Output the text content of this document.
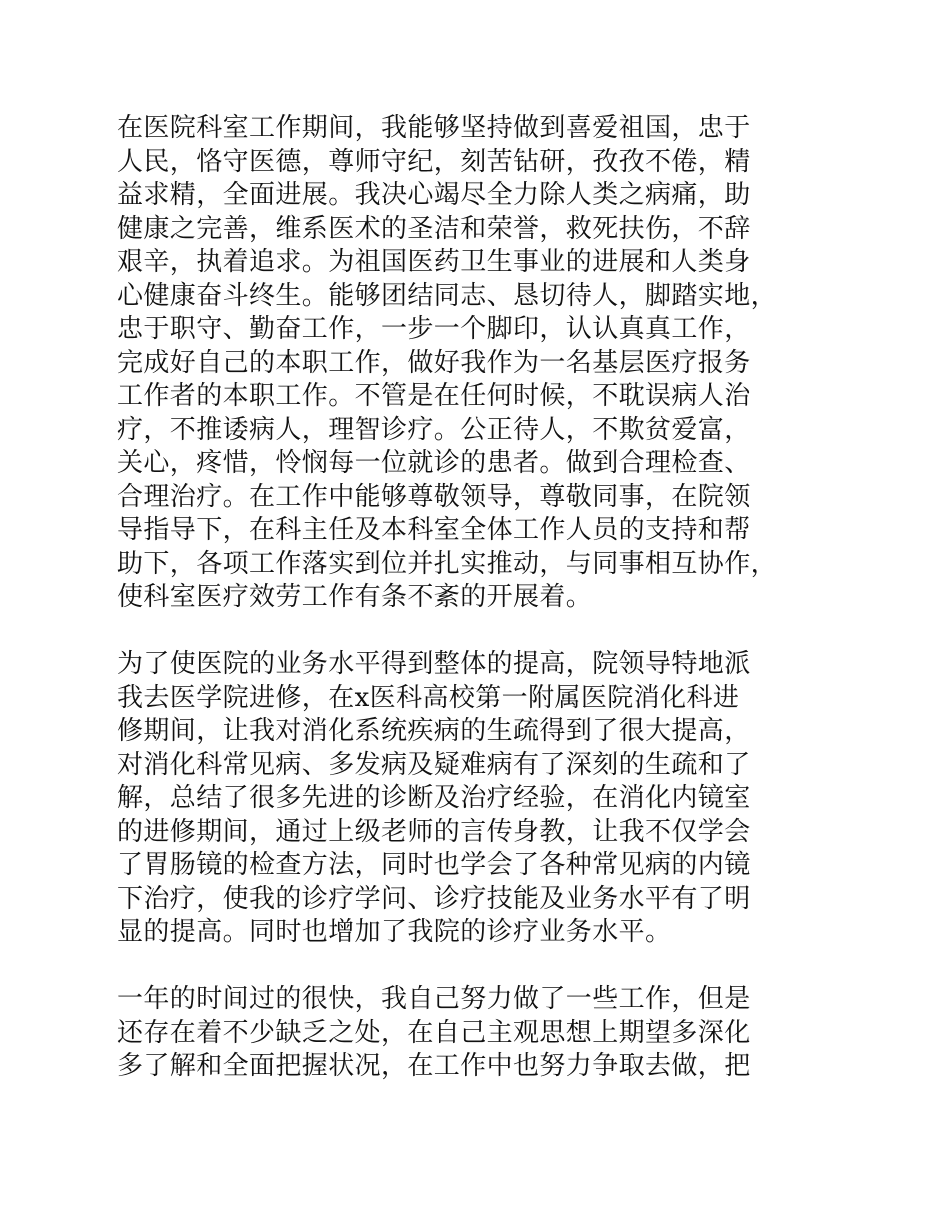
在医院科室工作期间，我能够坚持做到喜爱祖国，忠于
人民，恪守医德，尊师守纪，刻苦钻研，孜孜不倦，精
益求精，全面进展。我决心竭尽全力除人类之病痛，助
健康之完善，维系医术的圣洁和荣誉，救死扶伤，不辞
艰辛，执着追求。为祖国医药卫生事业的进展和人类身
心健康奋斗终生。能够团结同志、恳切待人，脚踏实地，
忠于职守、勤奋工作，一步一个脚印，认认真真工作，
完成好自己的本职工作，做好我作为一名基层医疗报务
工作者的本职工作。不管是在任何时候，不耽误病人治
疗，不推诿病人，理智诊疗。公正待人，不欺贫爱富，
关心，疼惜，怜悯每一位就诊的患者。做到合理检查、
合理治疗。在工作中能够尊敬领导，尊敬同事，在院领
导指导下，在科主任及本科室全体工作人员的支持和帮
助下，各项工作落实到位并扎实推动，与同事相互协作，
使科室医疗效劳工作有条不紊的开展着。
为了使医院的业务水平得到整体的提高，院领导特地派
我去医学院进修，在x医科高校第一附属医院消化科进
修期间，让我对消化系统疾病的生疏得到了很大提高，
对消化科常见病、多发病及疑难病有了深刻的生疏和了
解，总结了很多先进的诊断及治疗经验，在消化内镜室
的进修期间，通过上级老师的言传身教，让我不仅学会
了胃肠镜的检查方法，同时也学会了各种常见病的内镜
下治疗，使我的诊疗学问、诊疗技能及业务水平有了明
显的提高。同时也增加了我院的诊疗业务水平。
一年的时间过的很快，我自己努力做了一些工作，但是
还存在着不少缺乏之处，在自己主观思想上期望多深化
多了解和全面把握状况，在工作中也努力争取去做，把
